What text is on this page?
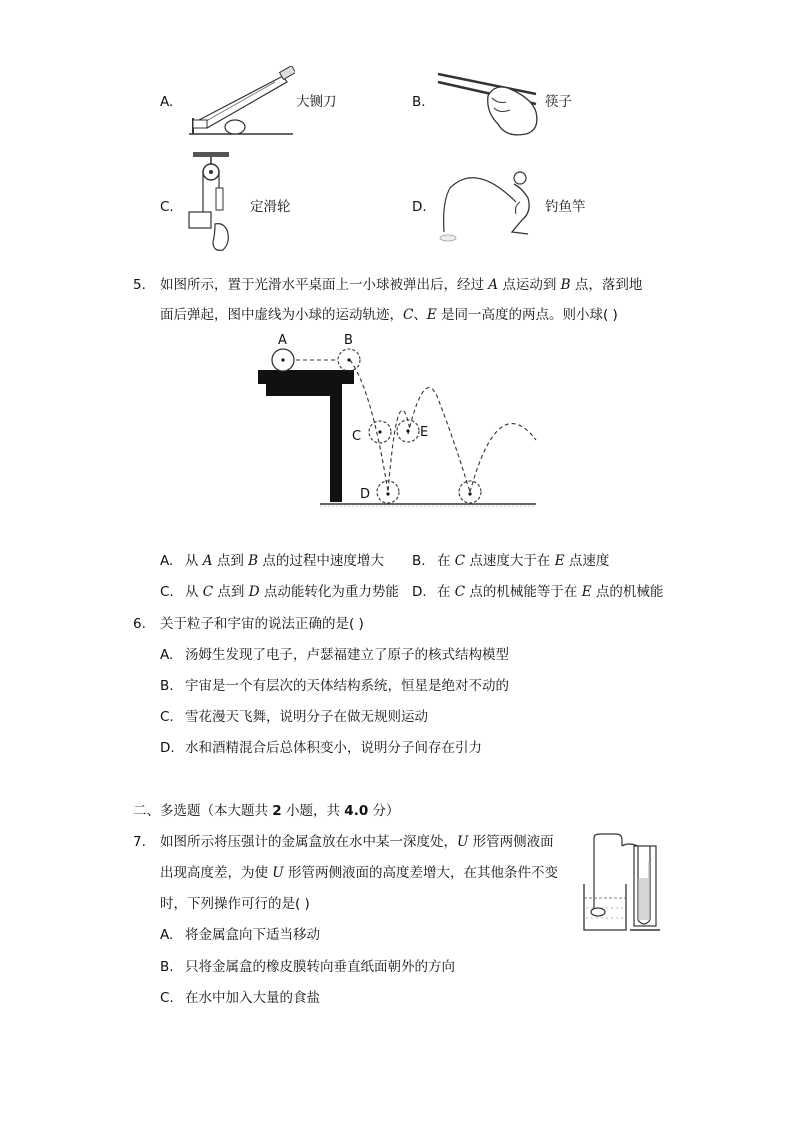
A.	大铡刀	B.	筷子
C.	定滑轮	D.	钓鱼竿
5. 如图所示，置于光滑水平桌面上一小球被弹出后，经过 A 点运动到 B 点，落到地
面后弹起，图中虚线为小球的运动轨迹，C、E 是同一高度的两点。则小球( )
A	B
C
D
E
A. 从 A 点到 B 点的过程中速度增大 B. 在 C 点速度大于在 E 点速度
C. 从 C 点到 D 点动能转化为重力势能 D. 在 C 点的机械能等于在 E 点的机械能
6. 关于粒子和宇宙的说法正确的是( )
A. 汤姆生发现了电子，卢瑟福建立了原子的核式结构模型
B. 宇宙是一个有层次的天体结构系统，恒星是绝对不动的
C. 雪花漫天飞舞，说明分子在做无规则运动
D. 水和酒精混合后总体积变小，说明分子间存在引力
二、多选题（本大题共 2 小题，共 4.0 分）
7. 如图所示将压强计的金属盒放在水中某一深度处，U 形管两侧液面
出现高度差，为使 U 形管两侧液面的高度差增大，在其他条件不变
时，下列操作可行的是( )
A. 将金属盒向下适当移动
B. 只将金属盒的橡皮膜转向垂直纸面朝外的方向
C. 在水中加入大量的食盐
